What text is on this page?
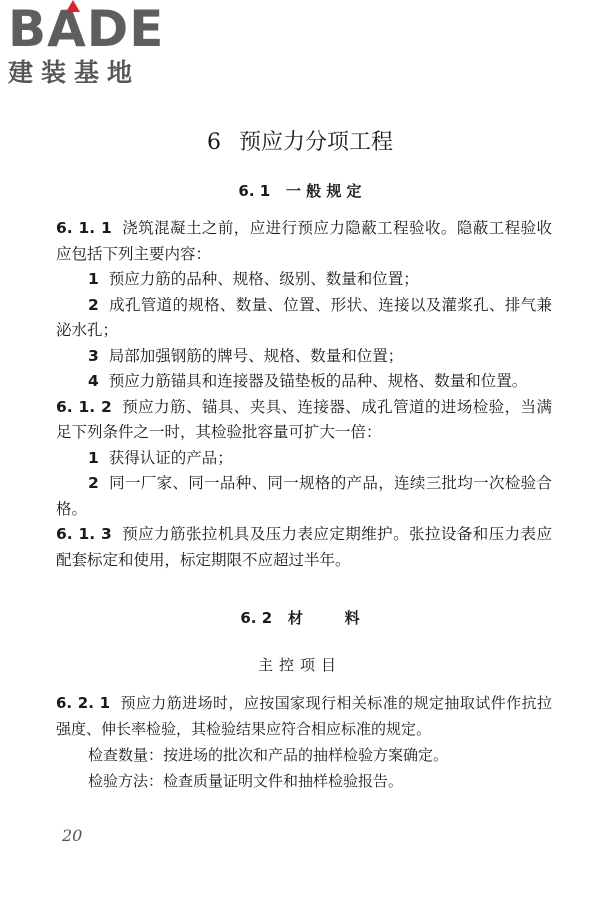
BADE
建装基地
6 预应力分项工程
6. 1   一 般 规 定

6. 1. 1 浇筑混凝土之前，应进行预应力隐蔽工程验收。隐蔽工程验收应包括下列主要内容：

1 预应力筋的品种、规格、级别、数量和位置；

2 成孔管道的规格、数量、位置、形状、连接以及灌浆孔、排气兼泌水孔；

3 局部加强钢筋的牌号、规格、数量和位置；

4 预应力筋锚具和连接器及锚垫板的品种、规格、数量和位置。

6. 1. 2 预应力筋、锚具、夹具、连接器、成孔管道的进场检验，当满足下列条件之一时，其检验批容量可扩大一倍：

1 获得认证的产品；

2 同一厂家、同一品种、同一规格的产品，连续三批均一次检验合格。

6. 1. 3 预应力筋张拉机具及压力表应定期维护。张拉设备和压力表应配套标定和使用，标定期限不应超过半年。

6. 2   材        料
主控项目

6. 2. 1 预应力筋进场时，应按国家现行相关标准的规定抽取试件作抗拉强度、伸长率检验，其检验结果应符合相应标准的规定。

检查数量：按进场的批次和产品的抽样检验方案确定。

检验方法：检查质量证明文件和抽样检验报告。

20
